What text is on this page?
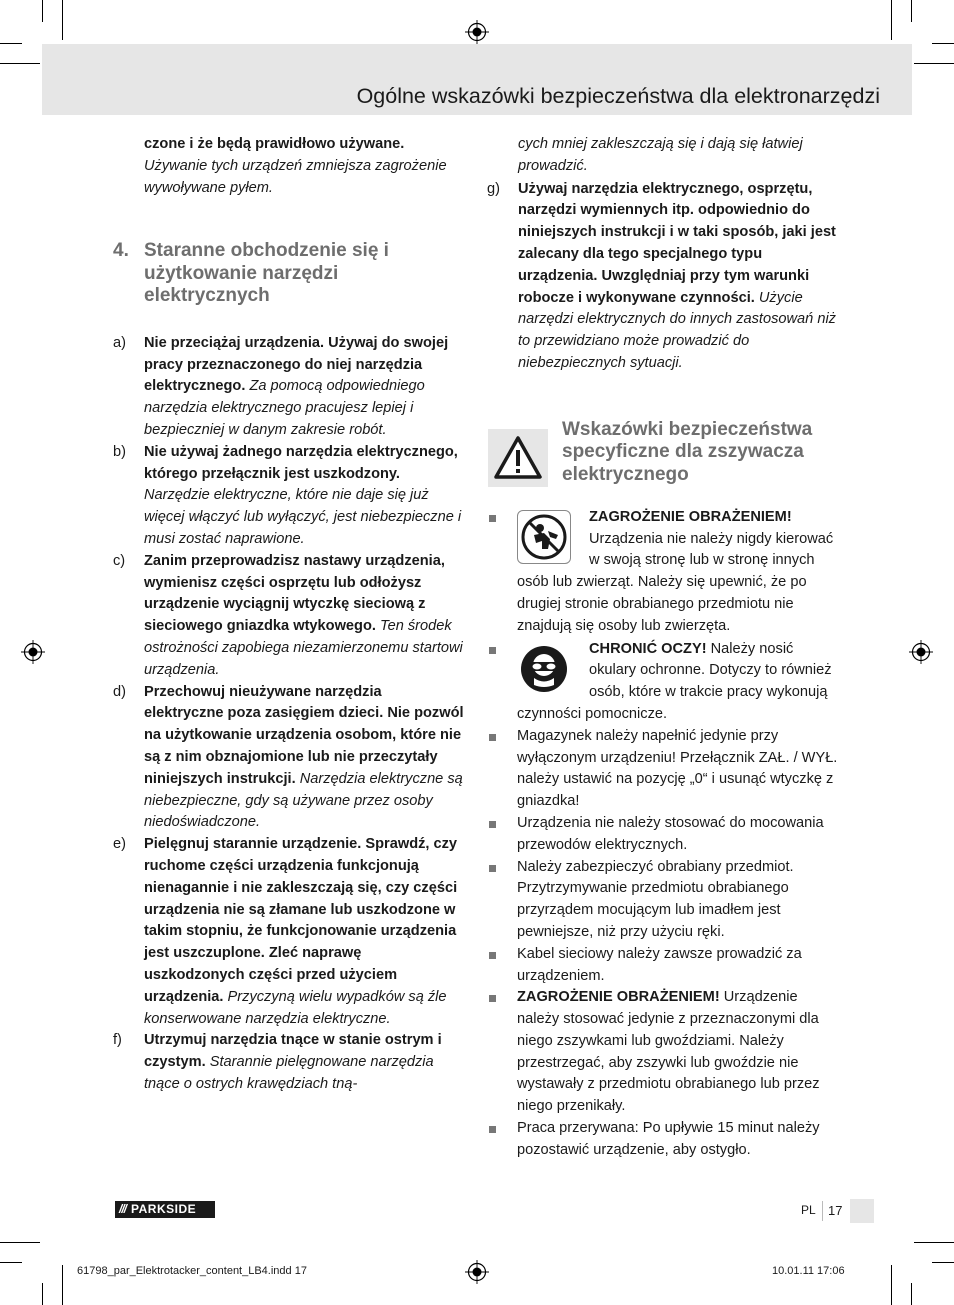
Ogólne wskazówki bezpieczeństwa dla elektronarzędzi
czone i że będą prawidłowo używane.
Używanie tych urządzeń zmniejsza zagrożenie wywoływane pyłem.
4. Staranne obchodzenie się i użytkowanie narzędzi elektrycznych
a) Nie przeciążaj urządzenia. Używaj do swojej pracy przeznaczonego do niej narzędzia elektrycznego. Za pomocą odpowiedniego narzędzia elektrycznego pracujesz lepiej i bezpieczniej w danym zakresie robót.
b) Nie używaj żadnego narzędzia elektrycznego, którego przełącznik jest uszkodzony. Narzędzie elektryczne, które nie daje się już więcej włączyć lub wyłączyć, jest niebezpieczne i musi zostać naprawione.
c) Zanim przeprowadzisz nastawy urządzenia, wymienisz części osprzętu lub odłożysz urządzenie wyciągnij wtyczkę sieciową z sieciowego gniazdka wtykowego. Ten środek ostrożności zapobiega niezamierzonemu startowi urządzenia.
d) Przechowuj nieużywane narzędzia elektryczne poza zasięgiem dzieci. Nie pozwól na użytkowanie urządzenia osobom, które nie są z nim obznajomione lub nie przeczytały niniejszych instrukcji. Narzędzia elektryczne są niebezpieczne, gdy są używane przez osoby niedoświadczone.
e) Pielęgnuj starannie urządzenie. Sprawdź, czy ruchome części urządzenia funkcjonują nienagannie i nie zakleszczają się, czy części urządzenia nie są złamane lub uszkodzone w takim stopniu, że funkcjonowanie urządzenia jest uszczuplone. Zleć naprawę uszkodzonych części przed użyciem urządzenia. Przyczyną wielu wypadków są źle konserwowane narzędzia elektryczne.
f) Utrzymuj narzędzia tnące w stanie ostrym i czystym. Starannie pielęgnowane narzędzia tnące o ostrych krawędziach tną-
cych mniej zakleszczają się i dają się łatwiej prowadzić.
g) Używaj narzędzia elektrycznego, osprzętu, narzędzi wymiennych itp. odpowiednio do niniejszych instrukcji i w taki sposób, jaki jest zalecany dla tego specjalnego typu urządzenia. Uwzględniaj przy tym warunki robocze i wykonywane czynności. Użycie narzędzi elektrycznych do innych zastosowań niż to przewidziano może prowadzić do niebezpiecznych sytuacji.
Wskazówki bezpieczeństwa specyficzne dla zszywacza elektrycznego
ZAGROŻENIE OBRAŻENIEM!
Urządzenia nie należy nigdy kierować w swoją stronę lub w stronę innych osób lub zwierząt. Należy się upewnić, że po drugiej stronie obrabianego przedmiotu nie znajdują się osoby lub zwierzęta.
CHRONIĆ OCZY! Należy nosić okulary ochronne. Dotyczy to również osób, które w trakcie pracy wykonują czynności pomocnicze.
Magazynek należy napełnić jedynie przy wyłączonym urządzeniu! Przełącznik ZAŁ. / WYŁ. należy ustawić na pozycję „0“ i usunąć wtyczkę z gniazdka!
Urządzenia nie należy stosować do mocowania przewodów elektrycznych.
Należy zabezpieczyć obrabiany przedmiot. Przytrzymywanie przedmiotu obrabianego przyrządem mocującym lub imadłem jest pewniejsze, niż przy użyciu ręki.
Kabel sieciowy należy zawsze prowadzić za urządzeniem.
ZAGROŻENIE OBRAŻENIEM! Urządzenie należy stosować jedynie z przeznaczonymi dla niego zszywkami lub gwoździami. Należy przestrzegać, aby zszywki lub gwoździe nie wystawały z przedmiotu obrabianego lub przez niego przenikały.
Praca przerywana: Po upływie 15 minut należy pozostawić urządzenie, aby ostygło.
/// PARKSIDE	PL 17
61798_par_Elektrotacker_content_LB4.indd 17	10.01.11 17:06
